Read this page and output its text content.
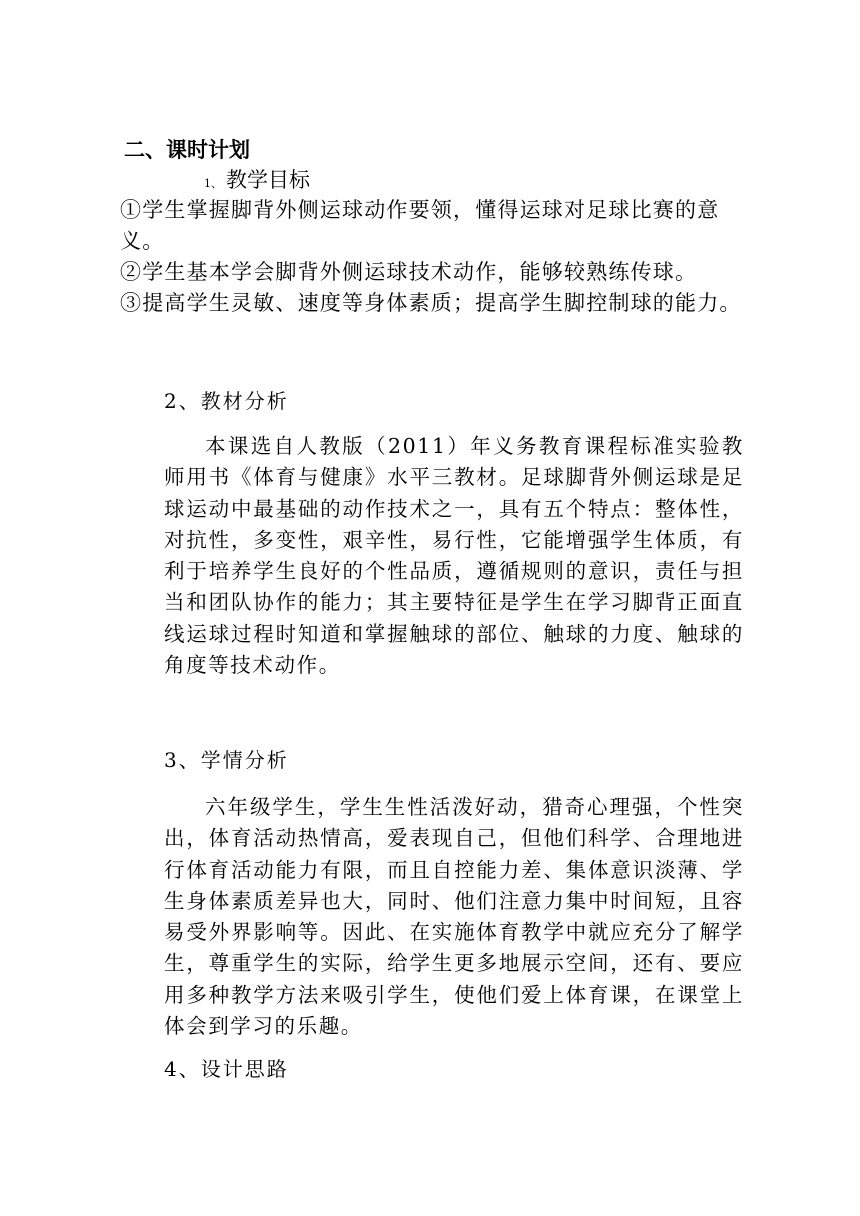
二、课时计划
1、 教学目标
①学生掌握脚背外侧运球动作要领，懂得运球对足球比赛的意
义。
②学生基本学会脚背外侧运球技术动作，能够较熟练传球。
③提高学生灵敏、速度等身体素质；提高学生脚控制球的能力。
2、教材分析
本课选自人教版（2011）年义务教育课程标准实验教师用书《体育与健康》水平三教材。足球脚背外侧运球是足球运动中最基础的动作技术之一，具有五个特点：整体性，对抗性，多变性，艰辛性，易行性，它能增强学生体质，有利于培养学生良好的个性品质，遵循规则的意识，责任与担当和团队协作的能力；其主要特征是学生在学习脚背正面直线运球过程时知道和掌握触球的部位、触球的力度、触球的角度等技术动作。
3、学情分析
六年级学生，学生生性活泼好动，猎奇心理强，个性突出，体育活动热情高，爱表现自己，但他们科学、合理地进行体育活动能力有限，而且自控能力差、集体意识淡薄、学生身体素质差异也大，同时、他们注意力集中时间短，且容易受外界影响等。因此、在实施体育教学中就应充分了解学生，尊重学生的实际，给学生更多地展示空间，还有、要应用多种教学方法来吸引学生，使他们爱上体育课，在课堂上体会到学习的乐趣。
4、设计思路
